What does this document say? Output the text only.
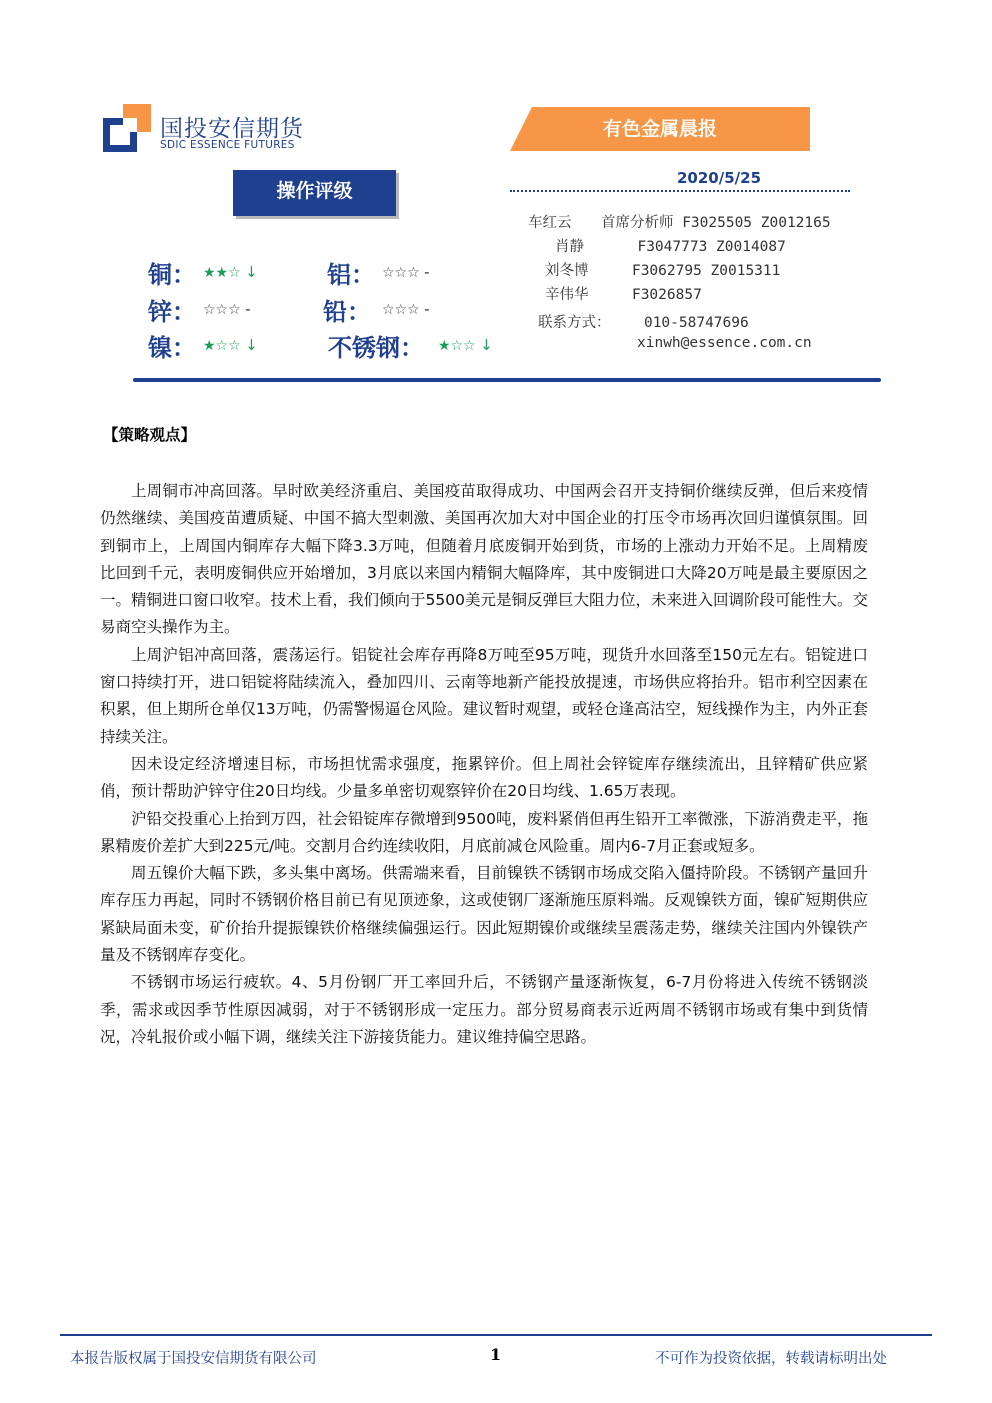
国投安信期货
SDIC ESSENCE FUTURES
有色金属晨报
操作评级
2020/5/25
车红云 首席分析师 F3025505 Z0012165
肖静	F3047773 Z0014087
刘冬博	F3062795 Z0015311
辛伟华	F3026857
联系方式： 010-58747696
xinwh@essence.com.cn
铜： ★★☆ ↓	铝： ☆☆☆ -
锌： ☆☆☆ -	铅： ☆☆☆ -
镍： ★☆☆ ↓	不锈钢： ★☆☆ ↓
【策略观点】

上周铜市冲高回落。早时欧美经济重启、美国疫苗取得成功、中国两会召开支持铜价继续反弹，但后来疫情仍然继续、美国疫苗遭质疑、中国不搞大型刺激、美国再次加大对中国企业的打压令市场再次回归谨慎氛围。回到铜市上，上周国内铜库存大幅下降3.3万吨，但随着月底废铜开始到货，市场的上涨动力开始不足。上周精废比回到千元，表明废铜供应开始增加，3月底以来国内精铜大幅降库，其中废铜进口大降20万吨是最主要原因之一。精铜进口窗口收窄。技术上看，我们倾向于5500美元是铜反弹巨大阻力位，未来进入回调阶段可能性大。交易商空头操作为主。

上周沪铝冲高回落，震荡运行。铝锭社会库存再降8万吨至95万吨，现货升水回落至150元左右。铝锭进口窗口持续打开，进口铝锭将陆续流入，叠加四川、云南等地新产能投放提速，市场供应将抬升。铝市利空因素在积累，但上期所仓单仅13万吨，仍需警惕逼仓风险。建议暂时观望，或轻仓逢高沽空，短线操作为主，内外正套持续关注。

因未设定经济增速目标，市场担忧需求强度，拖累锌价。但上周社会锌锭库存继续流出，且锌精矿供应紧俏，预计帮助沪锌守住20日均线。少量多单密切观察锌价在20日均线、1.65万表现。

沪铅交投重心上抬到万四，社会铅锭库存微增到9500吨，废料紧俏但再生铅开工率微涨，下游消费走平，拖累精废价差扩大到225元/吨。交割月合约连续收阳，月底前减仓风险重。周内6-7月正套或短多。

周五镍价大幅下跌，多头集中离场。供需端来看，目前镍铁不锈钢市场成交陷入僵持阶段。不锈钢产量回升库存压力再起，同时不锈钢价格目前已有见顶迹象，这或使钢厂逐渐施压原料端。反观镍铁方面，镍矿短期供应紧缺局面未变，矿价抬升提振镍铁价格继续偏强运行。因此短期镍价或继续呈震荡走势，继续关注国内外镍铁产量及不锈钢库存变化。

不锈钢市场运行疲软。4、5月份钢厂开工率回升后，不锈钢产量逐渐恢复，6-7月份将进入传统不锈钢淡季，需求或因季节性原因减弱，对于不锈钢形成一定压力。部分贸易商表示近两周不锈钢市场或有集中到货情况，冷轧报价或小幅下调，继续关注下游接货能力。建议维持偏空思路。

本报告版权属于国投安信期货有限公司	1	不可作为投资依据，转载请标明出处
